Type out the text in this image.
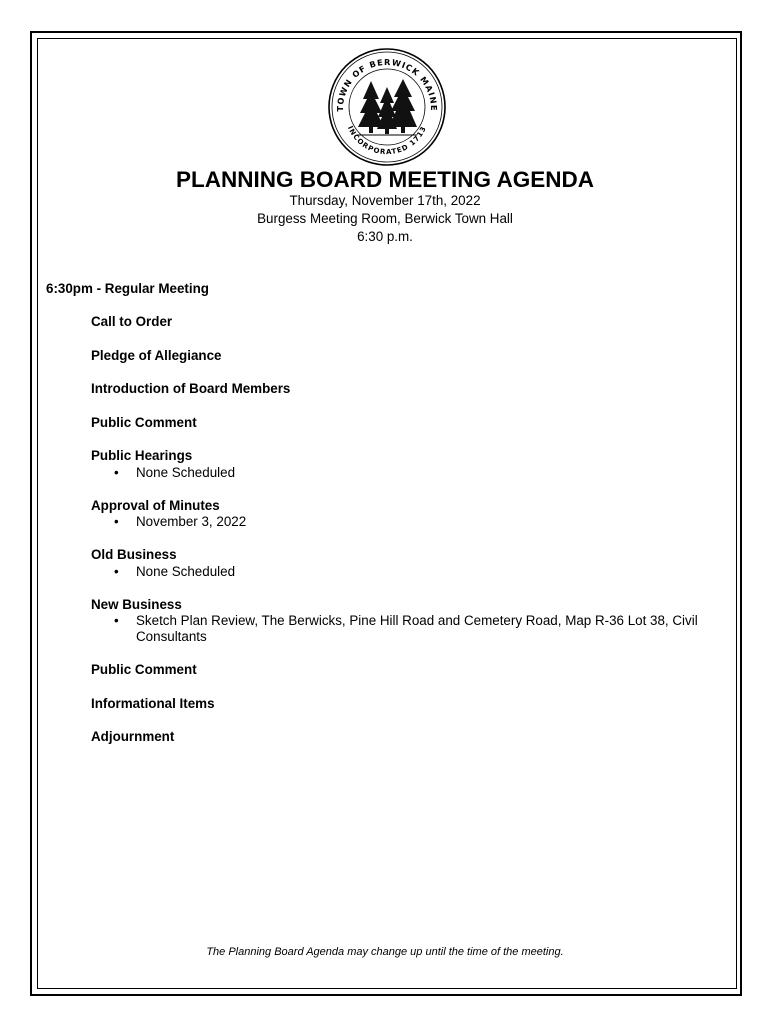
TOWN OF BERWICK MAINE
INCORPORATED 1713
PLANNING BOARD MEETING AGENDA
Thursday, November 17th, 2022
Burgess Meeting Room, Berwick Town Hall
6:30 p.m.
6:30pm - Regular Meeting
Call to Order
Pledge of Allegiance
Introduction of Board Members
Public Comment
Public Hearings
• None Scheduled
Approval of Minutes
• November 3, 2022
Old Business
• None Scheduled
New Business
• Sketch Plan Review, The Berwicks, Pine Hill Road and Cemetery Road, Map R-36 Lot 38, Civil Consultants
Public Comment
Informational Items
Adjournment
The Planning Board Agenda may change up until the time of the meeting.
